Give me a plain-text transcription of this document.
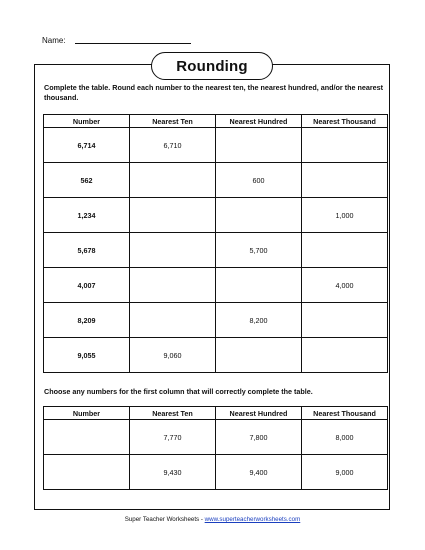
Name:
Rounding
Complete the table. Round each number to the nearest ten, the nearest hundred, and/or the nearest thousand.
Number	Nearest Ten	Nearest Hundred	Nearest Thousand
6,714	6,710		
562		600	
1,234			1,000
5,678		5,700	
4,007			4,000
8,209		8,200	
9,055	9,060		
Choose any numbers for the first column that will correctly complete the table.
Number	Nearest Ten	Nearest Hundred	Nearest Thousand
	7,770	7,800	8,000
	9,430	9,400	9,000
Super Teacher Worksheets - www.superteacherworksheets.com
